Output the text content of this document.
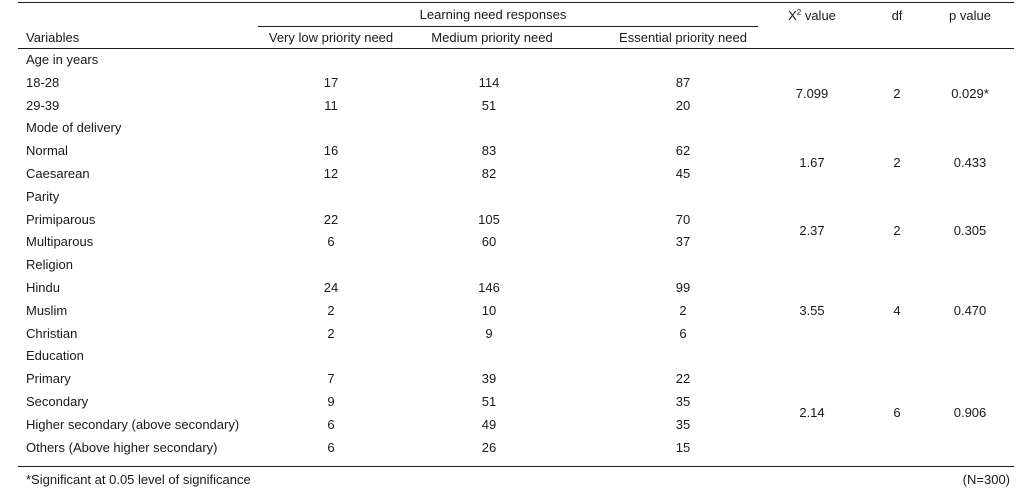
Learning need responses	$X^2$ value	df	p value
Variables	Very low priority need	Medium priority need	Essential priority need
Age in years
18-28	17	114	87
29-39	11	51	20
7.099	2	0.029*
Mode of delivery
Normal	16	83	62
Caesarean	12	82	45
1.67	2	0.433
Parity
Primiparous	22	105	70
Multiparous	6	60	37
2.37	2	0.305
Religion
Hindu	24	146	99
Muslim	2	10	2
Christian	2	9	6
3.55	4	0.470
Education
Primary	7	39	22
Secondary	9	51	35
Higher secondary (above secondary)	6	49	35
Others (Above higher secondary)	6	26	15
2.14	6	0.906
*Significant at 0.05 level of significance	(N=300)
